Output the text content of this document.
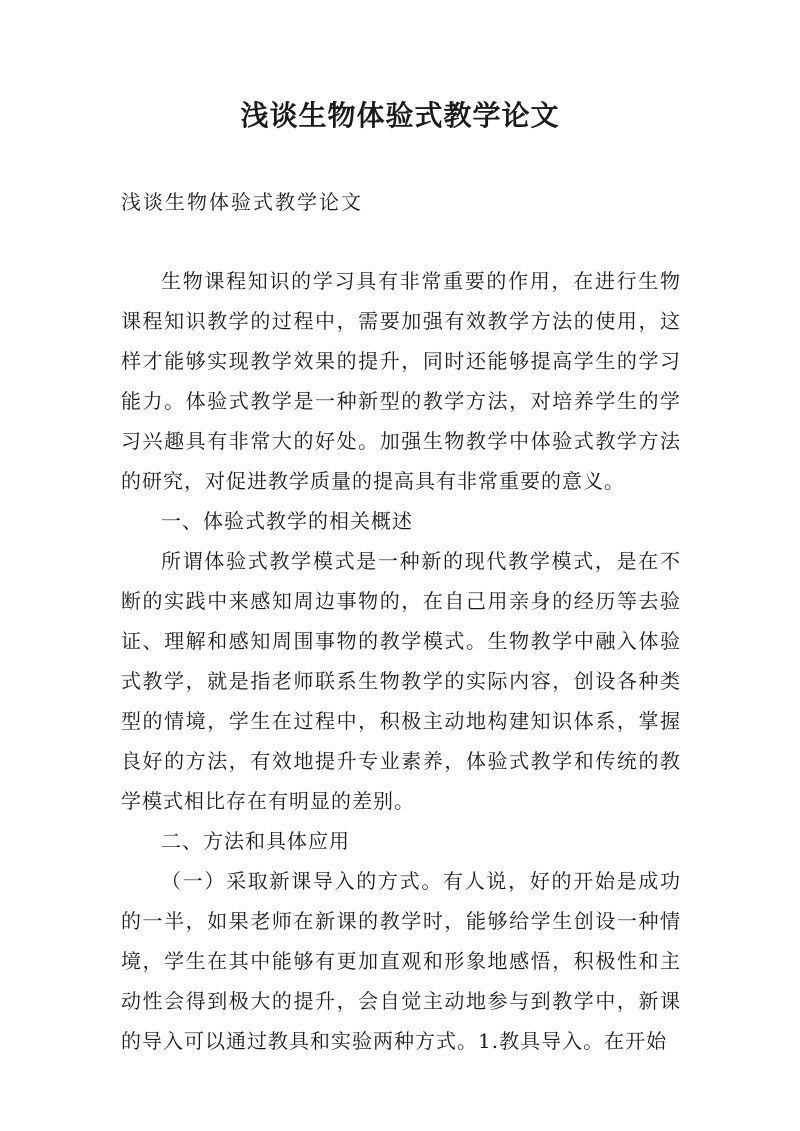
浅谈生物体验式教学论文

浅谈生物体验式教学论文

生物课程知识的学习具有非常重要的作用，在进行生物课程知识教学的过程中，需要加强有效教学方法的使用，这样才能够实现教学效果的提升，同时还能够提高学生的学习能力。体验式教学是一种新型的教学方法，对培养学生的学习兴趣具有非常大的好处。加强生物教学中体验式教学方法的研究，对促进教学质量的提高具有非常重要的意义。

一、体验式教学的相关概述

所谓体验式教学模式是一种新的现代教学模式，是在不断的实践中来感知周边事物的，在自己用亲身的经历等去验证、理解和感知周围事物的教学模式。生物教学中融入体验式教学，就是指老师联系生物教学的实际内容，创设各种类型的情境，学生在过程中，积极主动地构建知识体系，掌握良好的方法，有效地提升专业素养，体验式教学和传统的教学模式相比存在有明显的差别。

二、方法和具体应用

（一）采取新课导入的方式。有人说，好的开始是成功的一半，如果老师在新课的教学时，能够给学生创设一种情境，学生在其中能够有更加直观和形象地感悟，积极性和主动性会得到极大的提升，会自觉主动地参与到教学中，新课的导入可以通过教具和实验两种方式。1.教具导入。在开始
